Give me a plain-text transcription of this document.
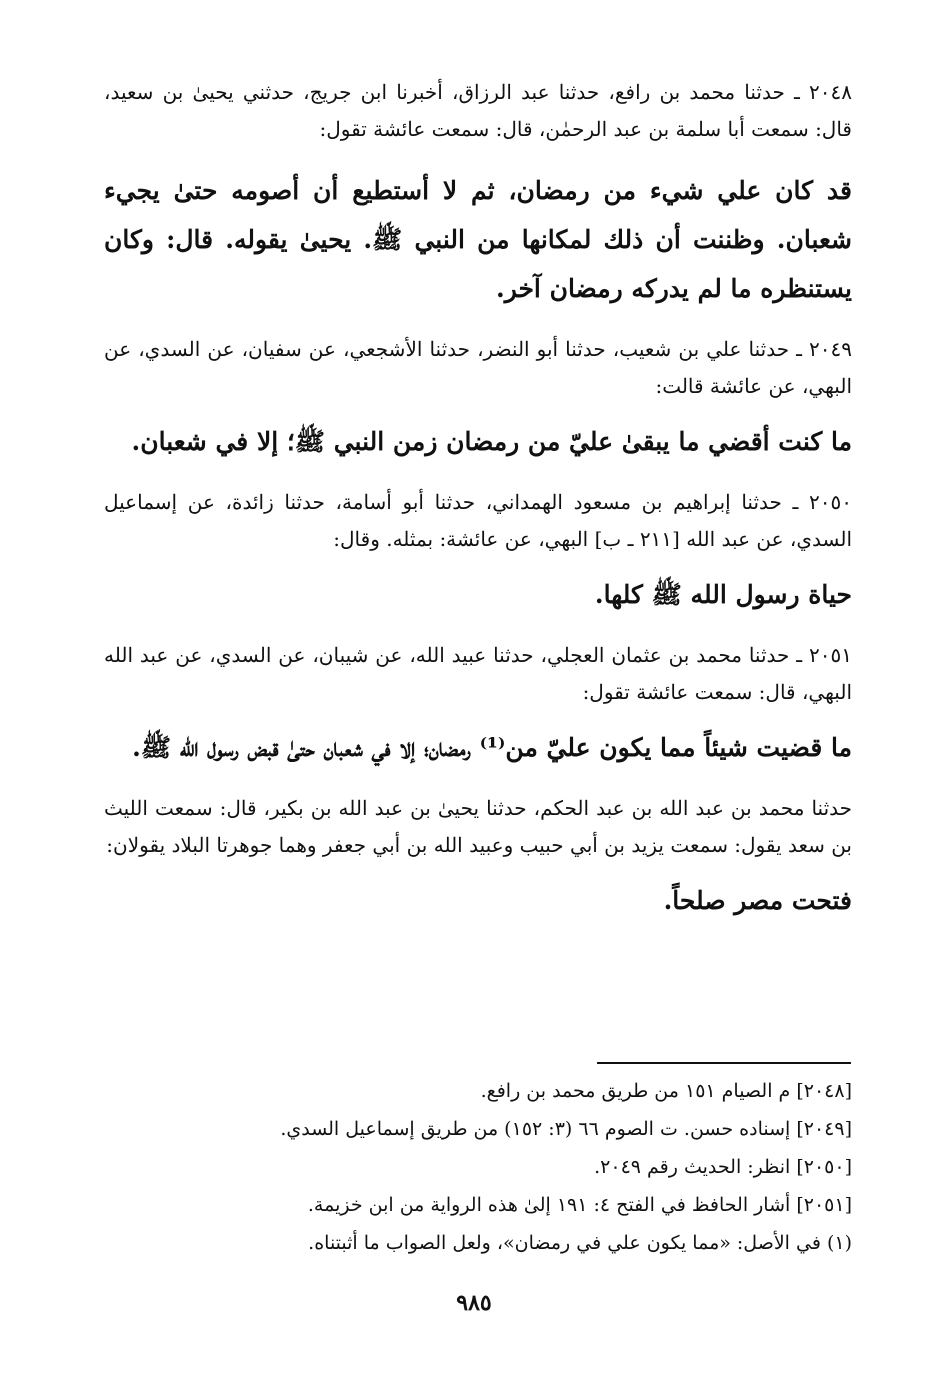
٢٠٤٨ ـ حدثنا محمد بن رافع، حدثنا عبد الرزاق، أخبرنا ابن جريج، حدثني يحيىٰ بن سعيد، قال: سمعت أبا سلمة بن عبد الرحمٰن، قال: سمعت عائشة تقول:

قد كان علي شيء من رمضان، ثم لا أستطيع أن أصومه حتىٰ يجيء شعبان. وظننت أن ذلك لمكانها من النبي ﷺ. يحيىٰ يقوله. قال: وكان يستنظره ما لم يدركه رمضان آخر.

٢٠٤٩ ـ حدثنا علي بن شعيب، حدثنا أبو النضر، حدثنا الأشجعي، عن سفيان، عن السدي، عن البهي، عن عائشة قالت:

ما كنت أقضي ما يبقىٰ عليّ من رمضان زمن النبي ﷺ؛ إلا في شعبان.

٢٠٥٠ ـ حدثنا إبراهيم بن مسعود الهمداني، حدثنا أبو أسامة، حدثنا زائدة، عن إسماعيل السدي، عن عبد الله [٢١١ ـ ب] البهي، عن عائشة: بمثله. وقال:

حياة رسول الله ﷺ كلها.

٢٠٥١ ـ حدثنا محمد بن عثمان العجلي، حدثنا عبيد الله، عن شيبان، عن السدي، عن عبد الله البهي، قال: سمعت عائشة تقول:

ما قضيت شيئاً مما يكون عليّ من⁽¹⁾ رمضان؛ إلا في شعبان حتىٰ قبض رسول الله ﷺ.

حدثنا محمد بن عبد الله بن عبد الحكم، حدثنا يحيىٰ بن عبد الله بن بكير، قال: سمعت الليث بن سعد يقول: سمعت يزيد بن أبي حبيب وعبيد الله بن أبي جعفر وهما جوهرتا البلاد يقولان:

فتحت مصر صلحاً.

[٢٠٤٨] م الصيام ١٥١ من طريق محمد بن رافع.

[٢٠٤٩] إسناده حسن. ت الصوم ٦٦ (٣: ١٥٢) من طريق إسماعيل السدي.

[٢٠٥٠] انظر: الحديث رقم ٢٠٤٩.

[٢٠٥١] أشار الحافظ في الفتح ٤: ١٩١ إلىٰ هذه الرواية من ابن خزيمة.

(١) في الأصل: «مما يكون علي في رمضان»، ولعل الصواب ما أثبتناه.

٩٨٥
